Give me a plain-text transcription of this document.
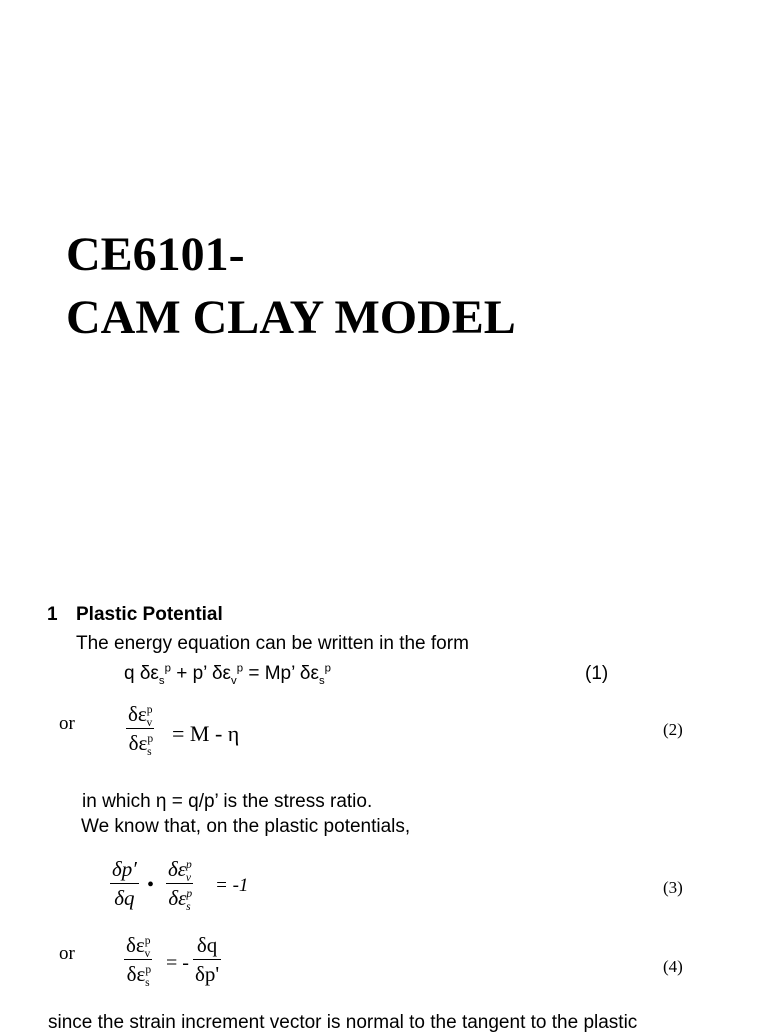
CE6101-
CAM CLAY MODEL
1 Plastic Potential
The energy equation can be written in the form
q $\delta\varepsilon_s^p + p$’ $\delta\varepsilon_v^p = Mp$’ $\delta\varepsilon_s^p$	(1)
or	$\delta\varepsilon^p_v$
$\delta\varepsilon^p_s$
= M - η	(2)
in which η = q/p’ is the stress ratio.
We know that, on the plastic potentials,
δp′
δq
•
$\delta\varepsilon^p_v$
$\delta\varepsilon^p_s$
= -1	(3)
or $\delta\varepsilon^p_v$
$\delta\varepsilon^p_s$
= -
δq
δp'	(4)
since the strain increment vector is normal to the tangent to the plastic
